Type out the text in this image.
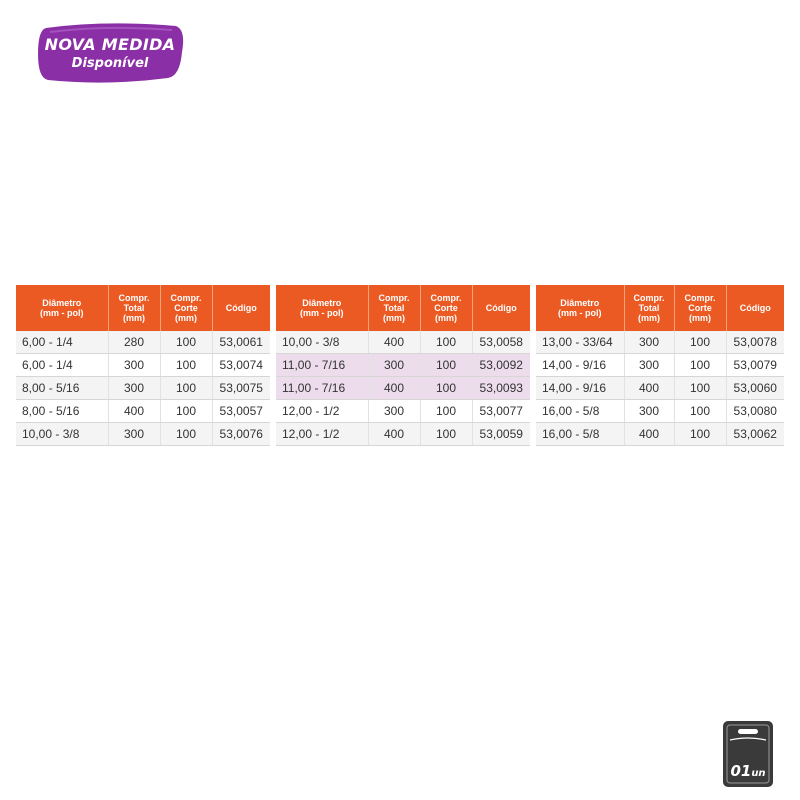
NOVA MEDIDA
Disponível
Diâmetro
(mm - pol)	Compr.
Total
(mm)	Compr.
Corte
(mm)	Código
6,00 - 1/4	280	100	53,0061
6,00 - 1/4	300	100	53,0074
8,00 - 5/16	300	100	53,0075
8,00 - 5/16	400	100	53,0057
10,00 - 3/8	300	100	53,0076
Diâmetro
(mm - pol)	Compr.
Total
(mm)	Compr.
Corte
(mm)	Código
10,00 - 3/8	400	100	53,0058
11,00 - 7/16	300	100	53,0092
11,00 - 7/16	400	100	53,0093
12,00 - 1/2	300	100	53,0077
12,00 - 1/2	400	100	53,0059
Diâmetro
(mm - pol)	Compr.
Total
(mm)	Compr.
Corte
(mm)	Código
13,00 - 33/64	300	100	53,0078
14,00 - 9/16	300	100	53,0079
14,00 - 9/16	400	100	53,0060
16,00 - 5/8	300	100	53,0080
16,00 - 5/8	400	100	53,0062
01un
